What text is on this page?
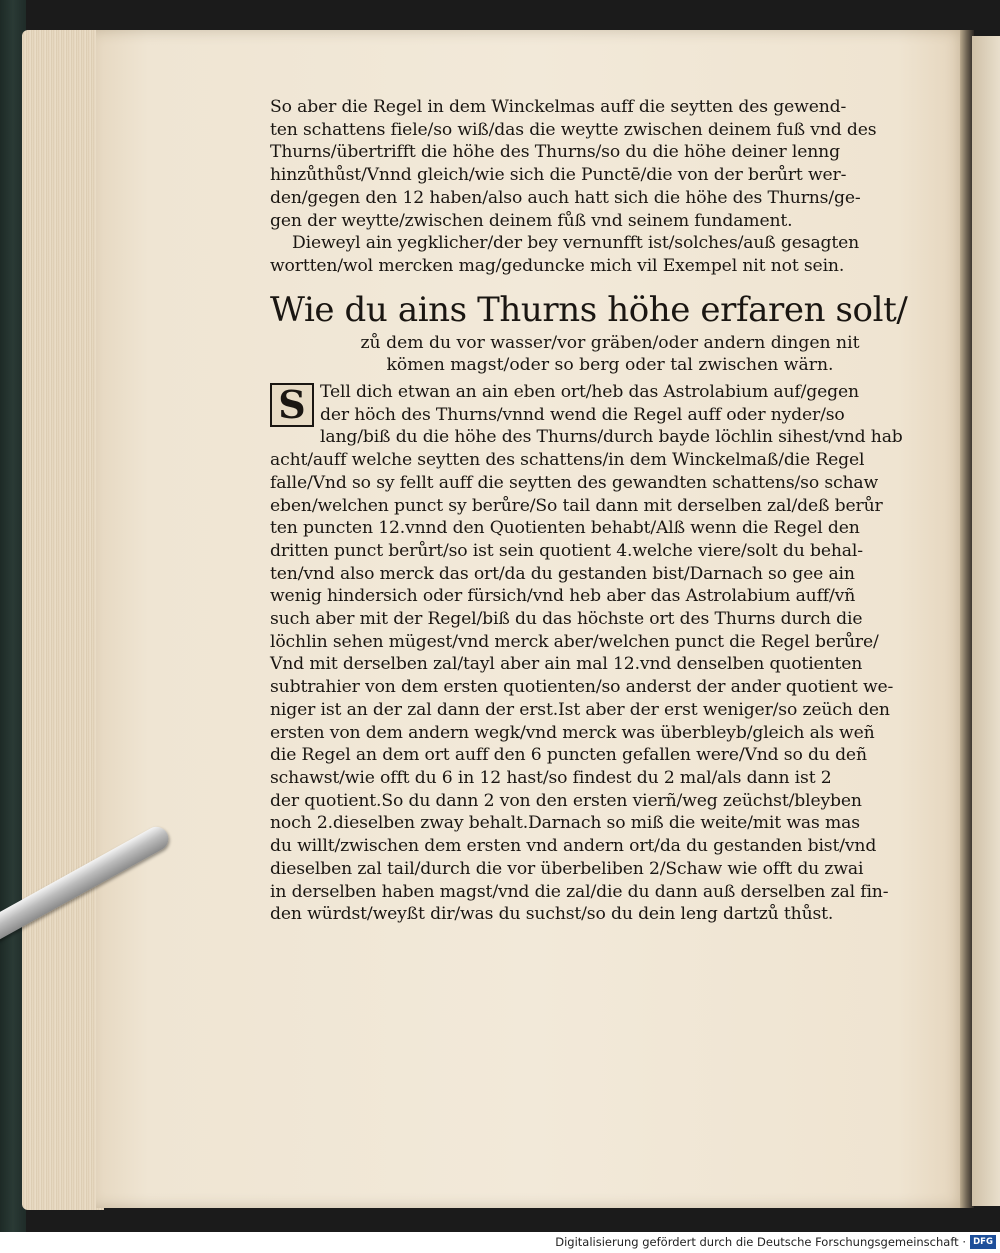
So aber die Regel in dem Winckelmas auff die seytten des gewend-
ten schattens fiele/so wiß/das die weytte zwischen deinem fuß vnd des
Thurns/übertrifft die höhe des Thurns/so du die höhe deiner lenng
hinzůthůst/Vnnd gleich/wie sich die Punctē/die von der berůrt wer-
den/gegen den 12 haben/also auch hatt sich die höhe des Thurns/ge-
gen der weytte/zwischen deinem fůß vnd seinem fundament.
Dieweyl ain yegklicher/der bey vernunfft ist/solches/auß gesagten
wortten/wol mercken mag/geduncke mich vil Exempel nit not sein.
Wie du ains Thurns höhe erfaren solt/
zů dem du vor wasser/vor gräben/oder andern dingen nit
kömen magst/oder so berg oder tal zwischen wärn.
S Tell dich etwan an ain eben ort/heb das Astrolabium auf/gegen
der höch des Thurns/vnnd wend die Regel auff oder nyder/so
lang/biß du die höhe des Thurns/durch bayde löchlin sihest/vnd hab
acht/auff welche seytten des schattens/in dem Winckelmaß/die Regel
falle/Vnd so sy fellt auff die seytten des gewandten schattens/so schaw
eben/welchen punct sy berůre/So tail dann mit derselben zal/deß berůr
ten puncten 12.vnnd den Quotienten behabt/Alß wenn die Regel den
dritten punct berůrt/so ist sein quotient 4.welche viere/solt du behal-
ten/vnd also merck das ort/da du gestanden bist/Darnach so gee ain
wenig hindersich oder fürsich/vnd heb aber das Astrolabium auff/vñ
such aber mit der Regel/biß du das höchste ort des Thurns durch die
löchlin sehen mügest/vnd merck aber/welchen punct die Regel berůre/
Vnd mit derselben zal/tayl aber ain mal 12.vnd denselben quotienten
subtrahier von dem ersten quotienten/so anderst der ander quotient we-
niger ist an der zal dann der erst.Ist aber der erst weniger/so zeüch den
ersten von dem andern wegk/vnd merck was überbleyb/gleich als weñ
die Regel an dem ort auff den 6 puncten gefallen were/Vnd so du deñ
schawst/wie offt du 6 in 12 hast/so findest du 2 mal/als dann ist 2
der quotient.So du dann 2 von den ersten vierñ/weg zeüchst/bleyben
noch 2.dieselben zway behalt.Darnach so miß die weite/mit was mas
du willt/zwischen dem ersten vnd andern ort/da du gestanden bist/vnd
dieselben zal tail/durch die vor überbeliben 2/Schaw wie offt du zwai
in derselben haben magst/vnd die zal/die du dann auß derselben zal fin-
den würdst/weyßt dir/was du suchst/so du dein leng dartzů thůst.
Digitalisierung gefördert durch die Deutsche Forschungsgemeinschaft · DFG
